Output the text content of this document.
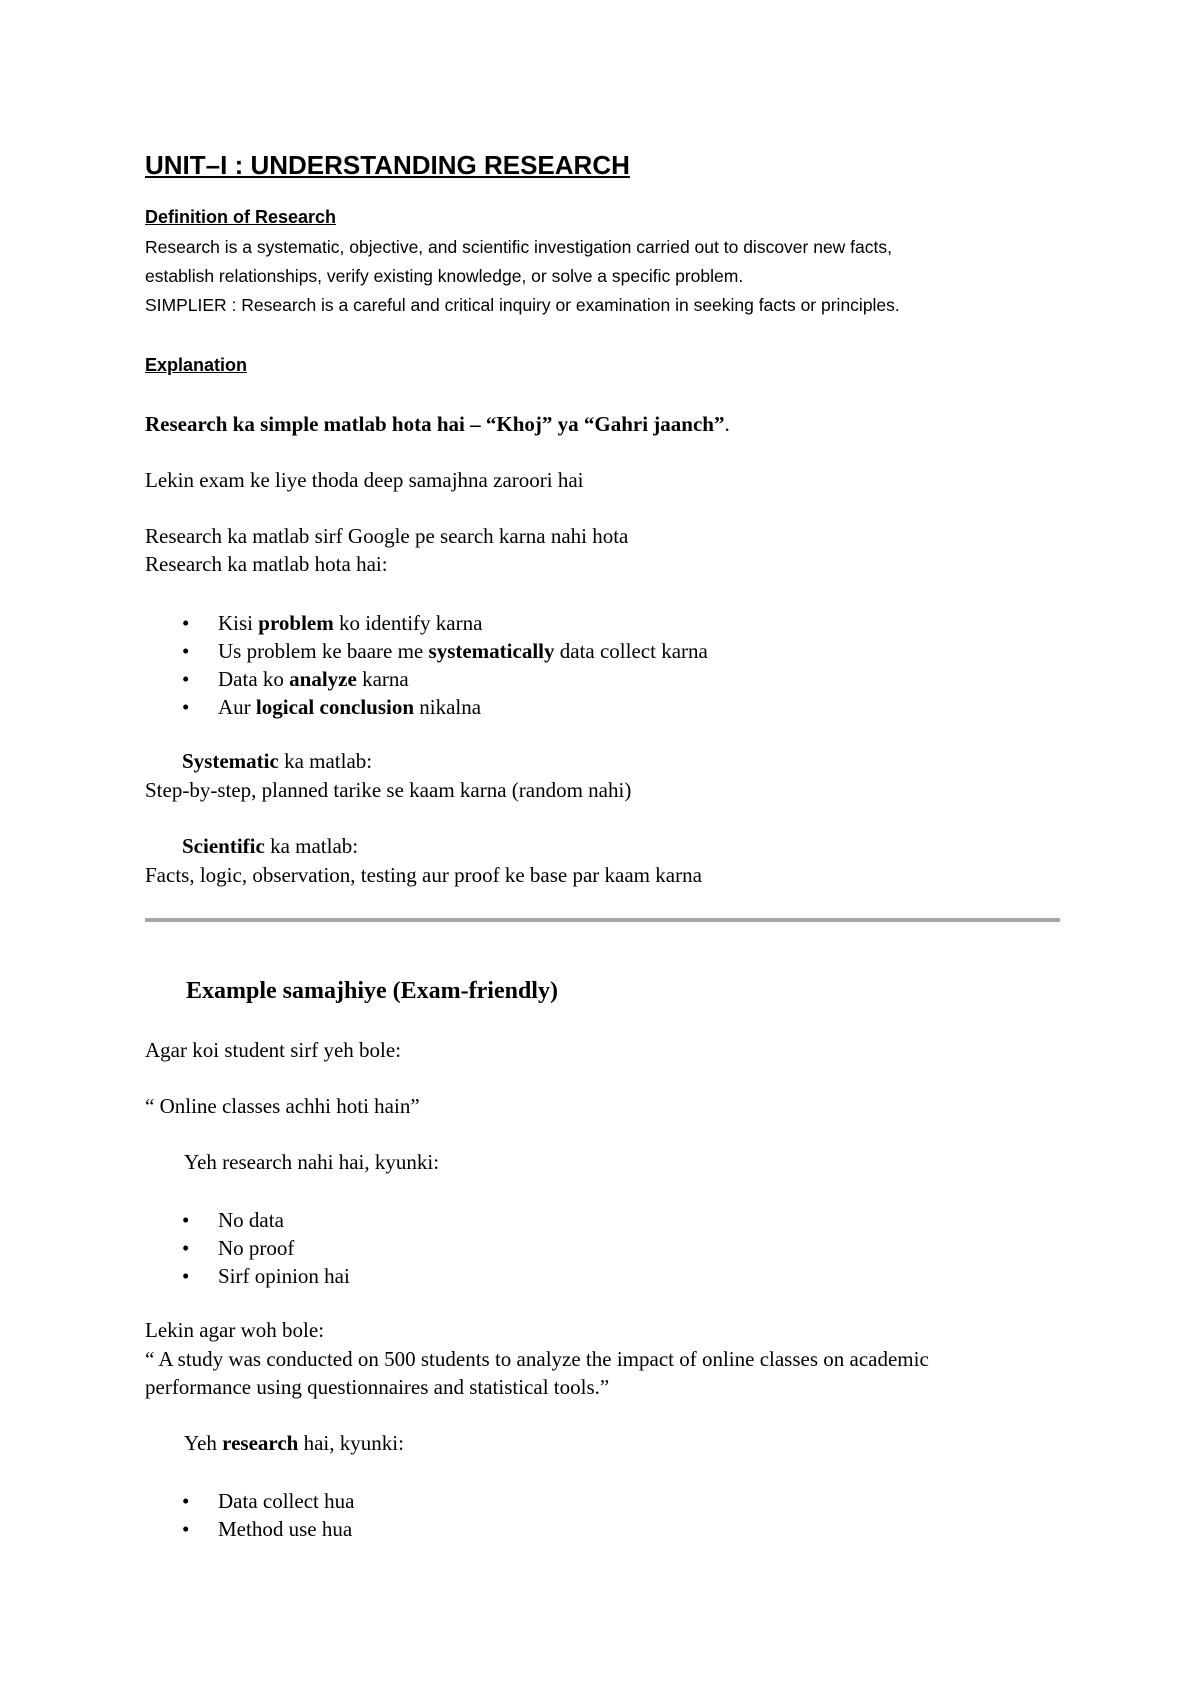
UNIT–I : UNDERSTANDING RESEARCH
Definition of Research
Research is a systematic, objective, and scientific investigation carried out to discover new facts,
establish relationships, verify existing knowledge, or solve a specific problem.
SIMPLIER : Research is a careful and critical inquiry or examination in seeking facts or principles.
Explanation
Research ka simple matlab hota hai – “Khoj” ya “Gahri jaanch”.
Lekin exam ke liye thoda deep samajhna zaroori hai
Research ka matlab sirf Google pe search karna nahi hota
Research ka matlab hota hai:
• Kisi problem ko identify karna
• Us problem ke baare me systematically data collect karna
• Data ko analyze karna
• Aur logical conclusion nikalna
Systematic ka matlab:
Step-by-step, planned tarike se kaam karna (random nahi)
Scientific ka matlab:
Facts, logic, observation, testing aur proof ke base par kaam karna
Example samajhiye (Exam-friendly)
Agar koi student sirf yeh bole:
“ Online classes achhi hoti hain”
Yeh research nahi hai, kyunki:
• No data
• No proof
• Sirf opinion hai
Lekin agar woh bole:
“ A study was conducted on 500 students to analyze the impact of online classes on academic
performance using questionnaires and statistical tools.”
Yeh research hai, kyunki:
• Data collect hua
• Method use hua
